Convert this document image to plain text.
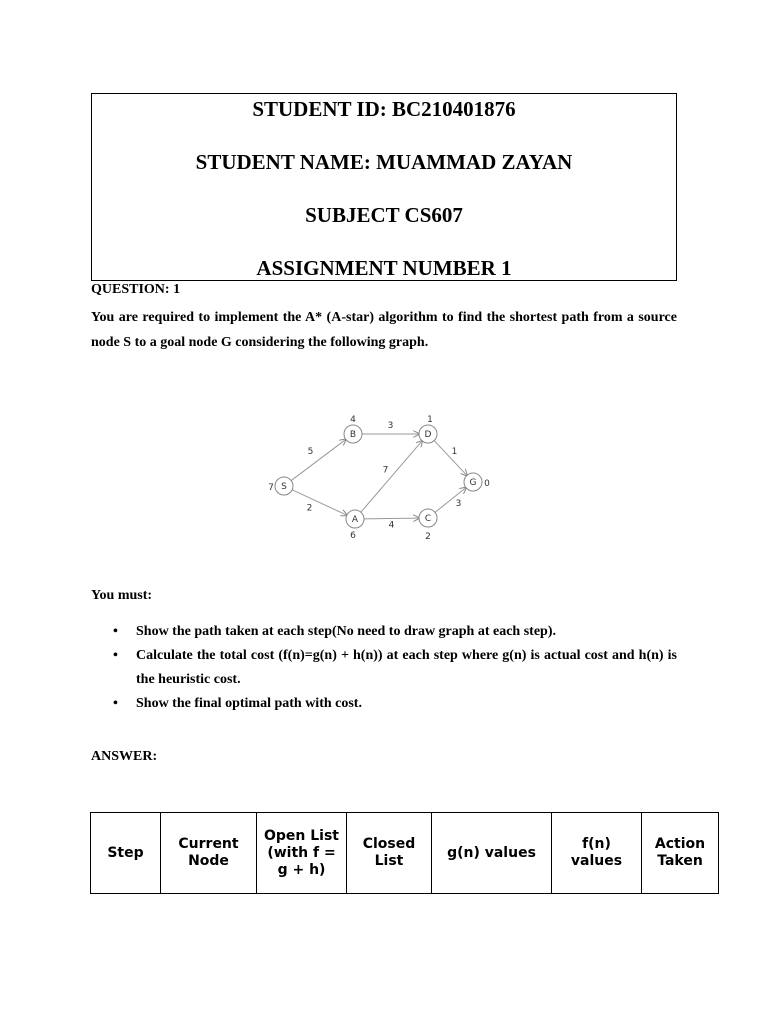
STUDENT ID: BC210401876
STUDENT NAME: MUAMMAD ZAYAN
SUBJECT CS607
ASSIGNMENT NUMBER 1
QUESTION: 1
You are required to implement the A* (A-star) algorithm to find the shortest path from a source node S to a goal node G considering the following graph.
5
2
3
7
4
1
3
S
7
B
4
D
1
G 0
A
6
C
2
You must:
• Show the path taken at each step(No need to draw graph at each step).
• Calculate the total cost (f(n)=g(n) + h(n)) at each step where g(n) is actual cost and h(n) is the heuristic cost.
• Show the final optimal path with cost.
ANSWER:
Step	Current Node	Open List (with f = g + h)	Closed List	g(n) values	f(n) values	Action Taken
